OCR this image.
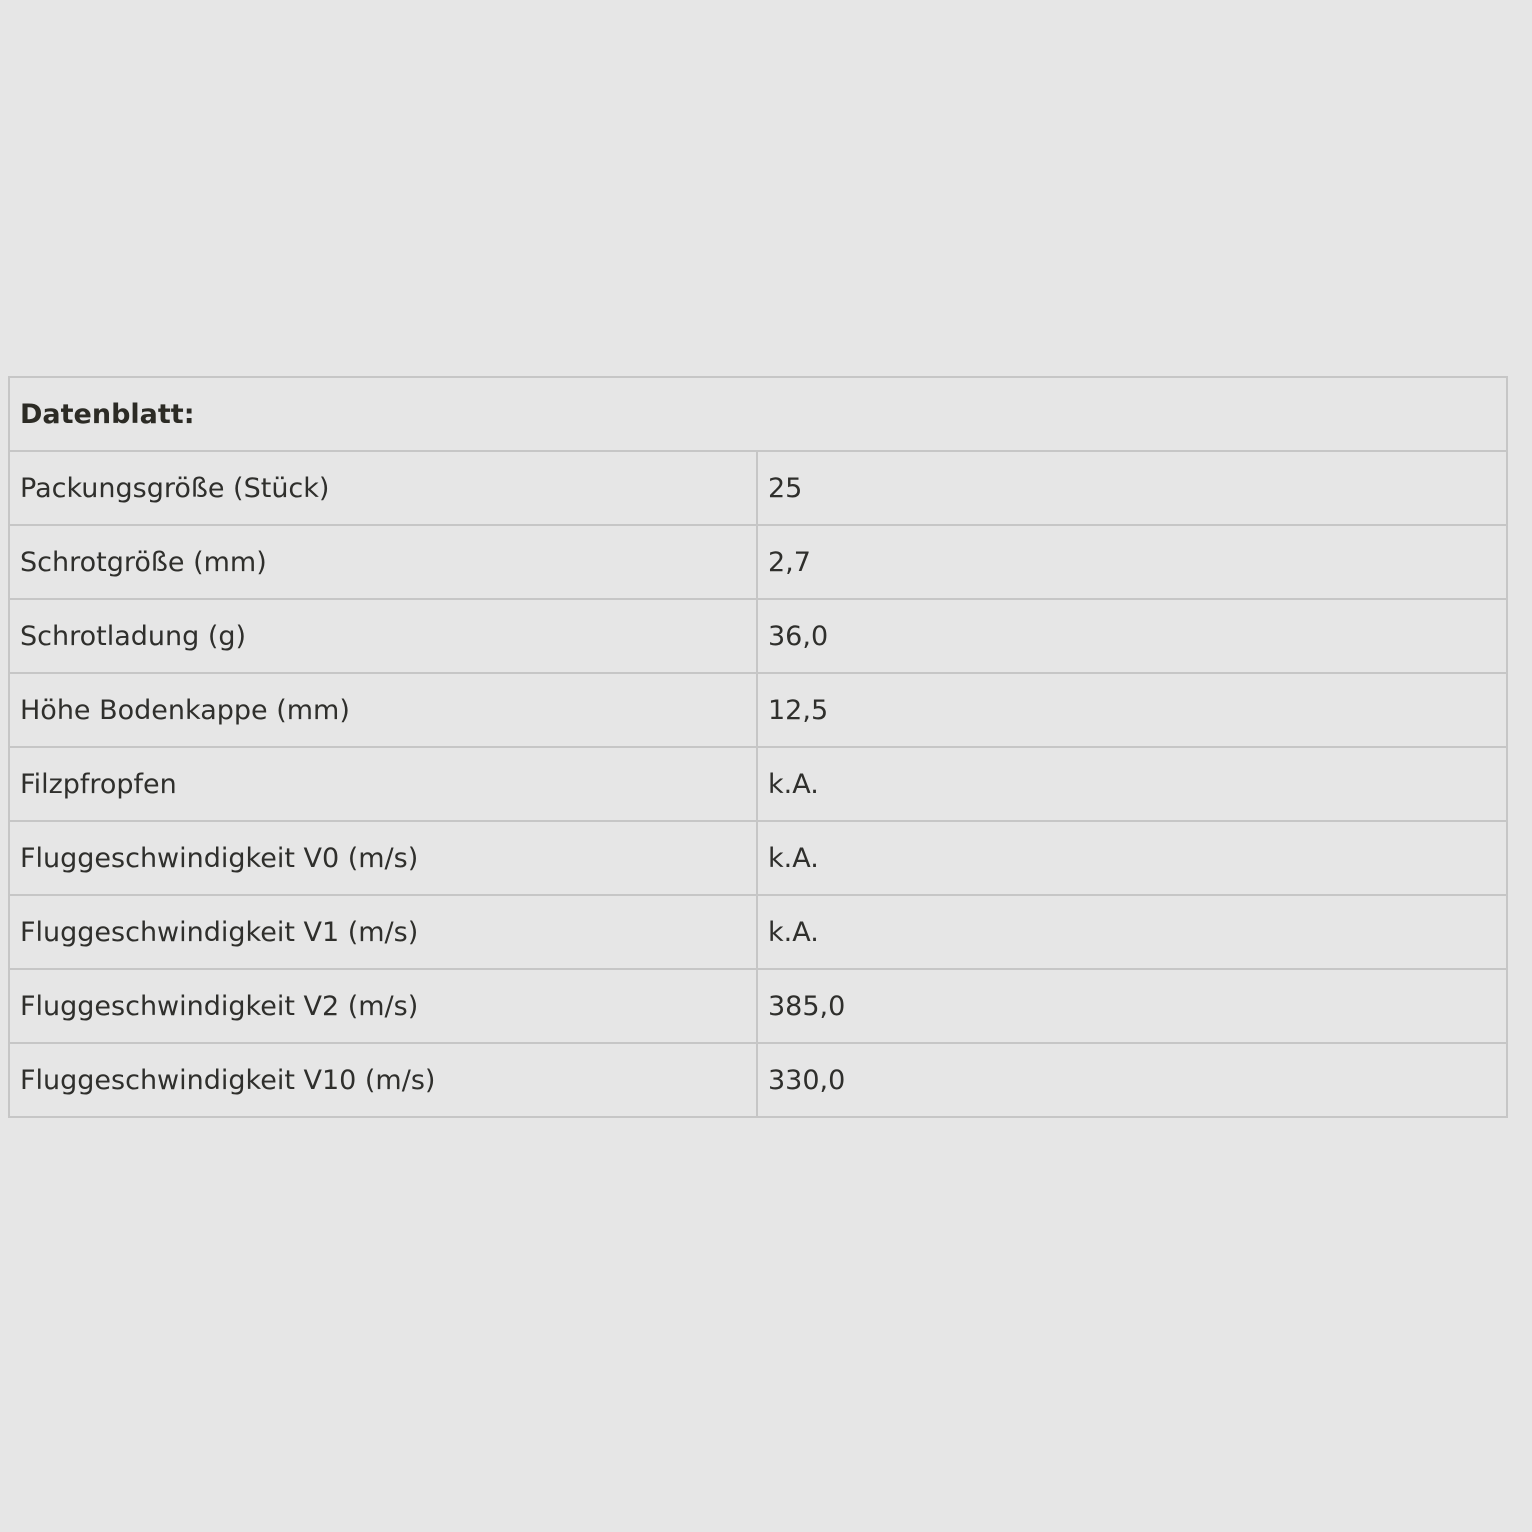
Datenblatt:	
Packungsgröße (Stück)	25
Schrotgröße (mm)	2,7
Schrotladung (g)	36,0
Höhe Bodenkappe (mm)	12,5
Filzpfropfen	k.A.
Fluggeschwindigkeit V0 (m/s)	k.A.
Fluggeschwindigkeit V1 (m/s)	k.A.
Fluggeschwindigkeit V2 (m/s)	385,0
Fluggeschwindigkeit V10 (m/s)	330,0
